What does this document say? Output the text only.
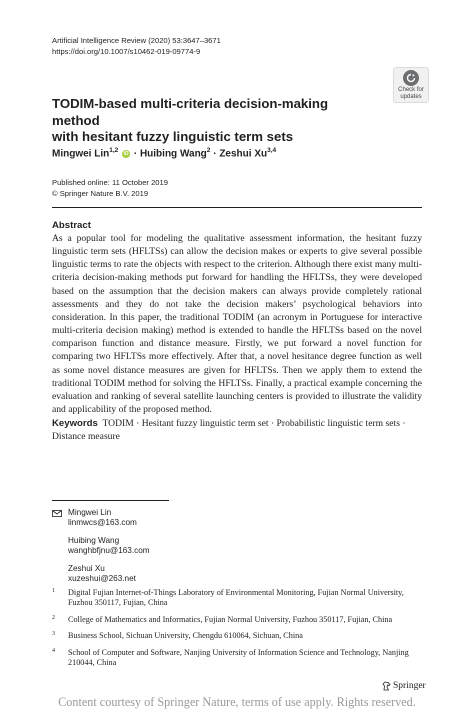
Artificial Intelligence Review (2020) 53:3647–3671
https://doi.org/10.1007/s10462-019-09774-9
Check for
updates
TODIM-based multi-criteria decision-making method
with hesitant fuzzy linguistic term sets
Mingwei Lin$^{1,2}$ iD · Huibing Wang$^2$ · Zeshui Xu$^{3,4}$
Published online: 11 October 2019
© Springer Nature B.V. 2019
Abstract

As a popular tool for modeling the qualitative assessment information, the hesitant fuzzy linguistic term sets (HFLTSs) can allow the decision makes or experts to give several possible linguistic terms to rate the objects with respect to the criterion. Although there exist many multi-criteria decision-making methods put forward for handling the HFLTSs, they were developed based on the assumption that the decision makers can always provide completely rational assessments and they do not take the decision makers’ psychological behaviors into consideration. In this paper, the traditional TODIM (an acronym in Portuguese for interactive multi-criteria decision making) method is extended to handle the HFLTSs based on the novel comparison function and distance measure. Firstly, we put forward a novel function for comparing two HFLTSs more effectively. After that, a novel hesitance degree function as well as some novel distance measures are given for HFLTSs. Then we apply them to extend the traditional TODIM method for solving the HFLTSs. Finally, a practical example concerning the evaluation and ranking of several satellite launching centers is provided to illustrate the validity and applicability of the proposed method.

Keywords TODIM · Hesitant fuzzy linguistic term set · Probabilistic linguistic term sets · Distance measure
Mingwei Lin
linmwcs@163.com
Huibing Wang
wanghbfjnu@163.com
Zeshui Xu
xuzeshui@263.net
1 Digital Fujian Internet-of-Things Laboratory of Environmental Monitoring, Fujian Normal University, Fuzhou 350117, Fujian, China
2 College of Mathematics and Informatics, Fujian Normal University, Fuzhou 350117, Fujian, China
3 Business School, Sichuan University, Chengdu 610064, Sichuan, China
4 School of Computer and Software, Nanjing University of Information Science and Technology, Nanjing 210044, China
Springer
Content courtesy of Springer Nature, terms of use apply. Rights reserved.
